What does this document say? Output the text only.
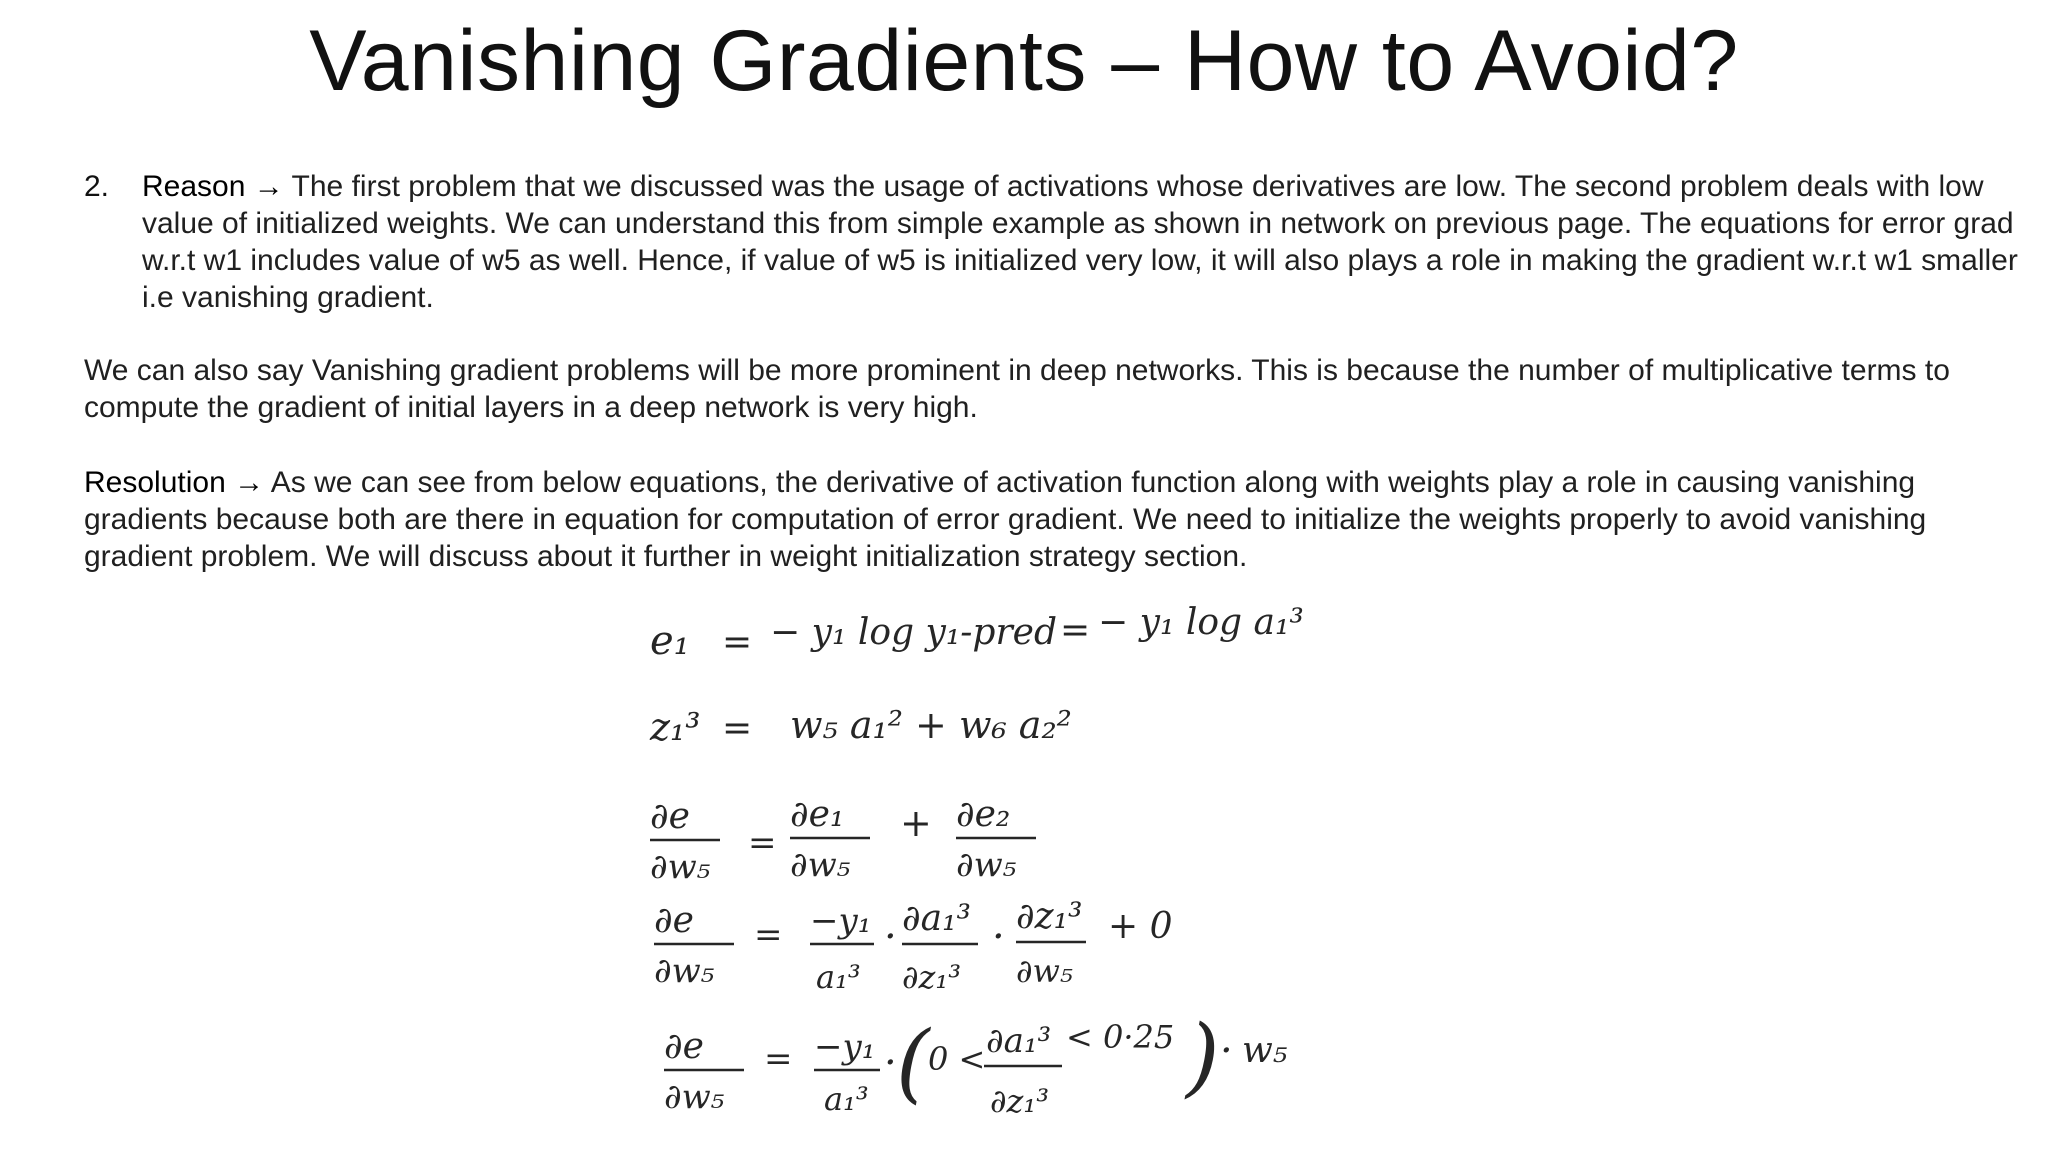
Vanishing Gradients – How to Avoid?
2. Reason → The first problem that we discussed was the usage of activations whose derivatives are low. The second problem deals with low value of initialized weights. We can understand this from simple example as shown in network on previous page. The equations for error grad w.r.t w1 includes value of w5 as well. Hence, if value of w5 is initialized very low, it will also plays a role in making the gradient w.r.t w1 smaller i.e vanishing gradient.
We can also say Vanishing gradient problems will be more prominent in deep networks. This is because the number of multiplicative terms to compute the gradient of initial layers in a deep network is very high.
Resolution → As we can see from below equations, the derivative of activation function along with weights play a role in causing vanishing gradients because both are there in equation for computation of error gradient. We need to initialize the weights properly to avoid vanishing gradient problem. We will discuss about it further in weight initialization strategy section.
e₁ = − y₁ log y₁-pred = − y₁ log a₁³
z₁³ = w₅ a₁² + w₆ a₂²
∂e
∂w₅
=
∂e₁
∂w₅
+ ∂e₂
∂w₅
∂e
∂w₅
= −y₁
a₁³
· ∂a₁³
∂z₁³
· ∂z₁³
∂w₅
+ 0
∂e
∂w₅
= −y₁
a₁³
· (
0 < ∂a₁³
∂z₁³
< 0·25 ) · w₅
